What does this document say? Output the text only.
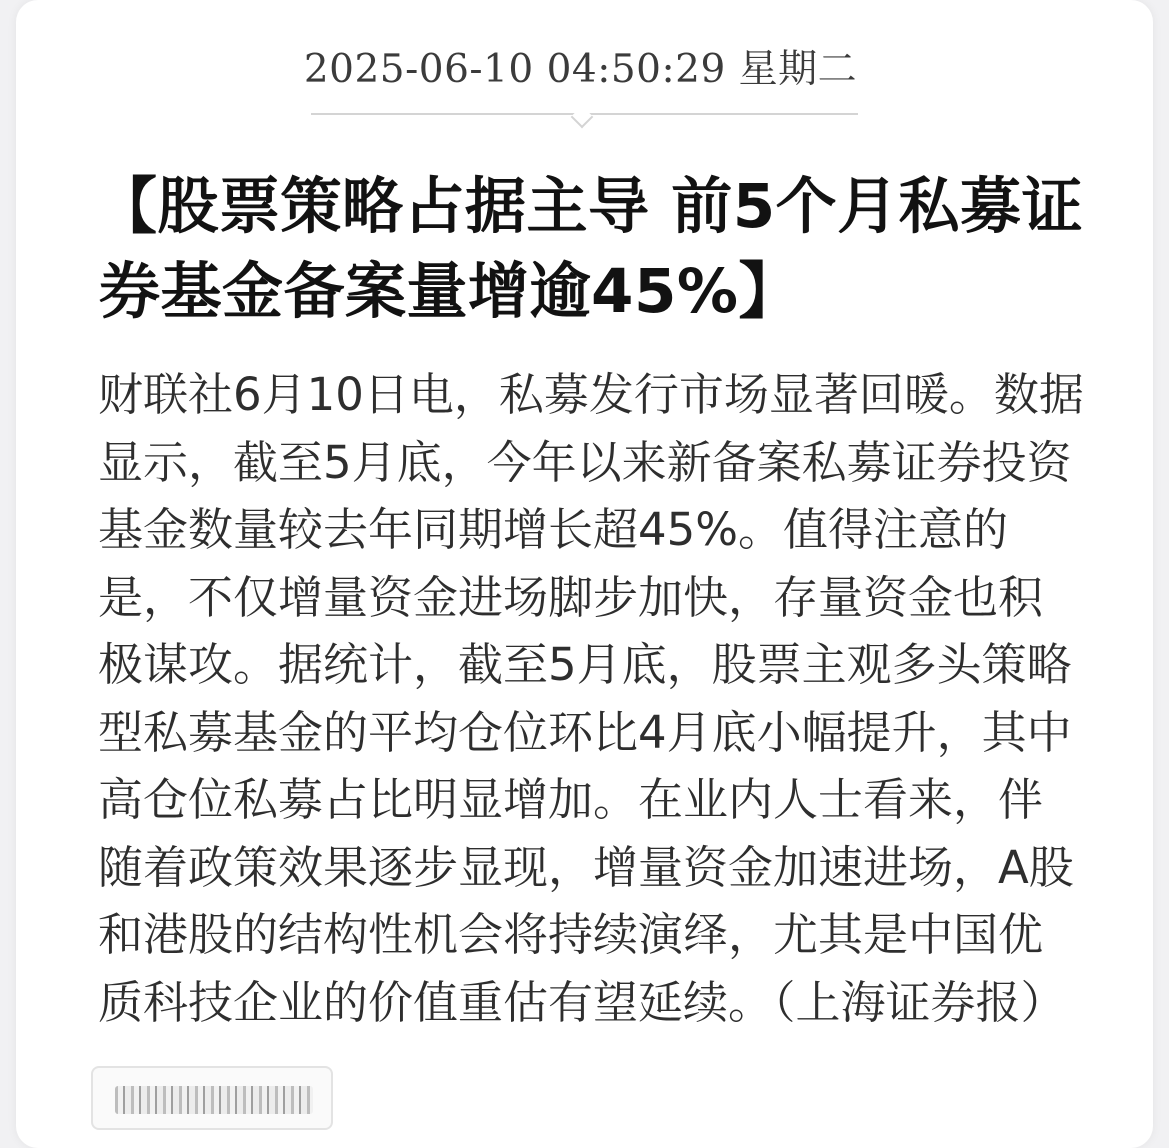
2025-06-10 04:50:29 星期二
【股票策略占据主导 前5个月私募证
券基金备案量增逾45%】
财联社6月10日电，私募发行市场显著回暖。数据
显示，截至5月底，今年以来新备案私募证券投资
基金数量较去年同期增长超45%。值得注意的
是，不仅增量资金进场脚步加快，存量资金也积
极谋攻。据统计，截至5月底，股票主观多头策略
型私募基金的平均仓位环比4月底小幅提升，其中
高仓位私募占比明显增加。在业内人士看来，伴
随着政策效果逐步显现，增量资金加速进场，A股
和港股的结构性机会将持续演绎，尤其是中国优
质科技企业的价值重估有望延续。（上海证券报）
